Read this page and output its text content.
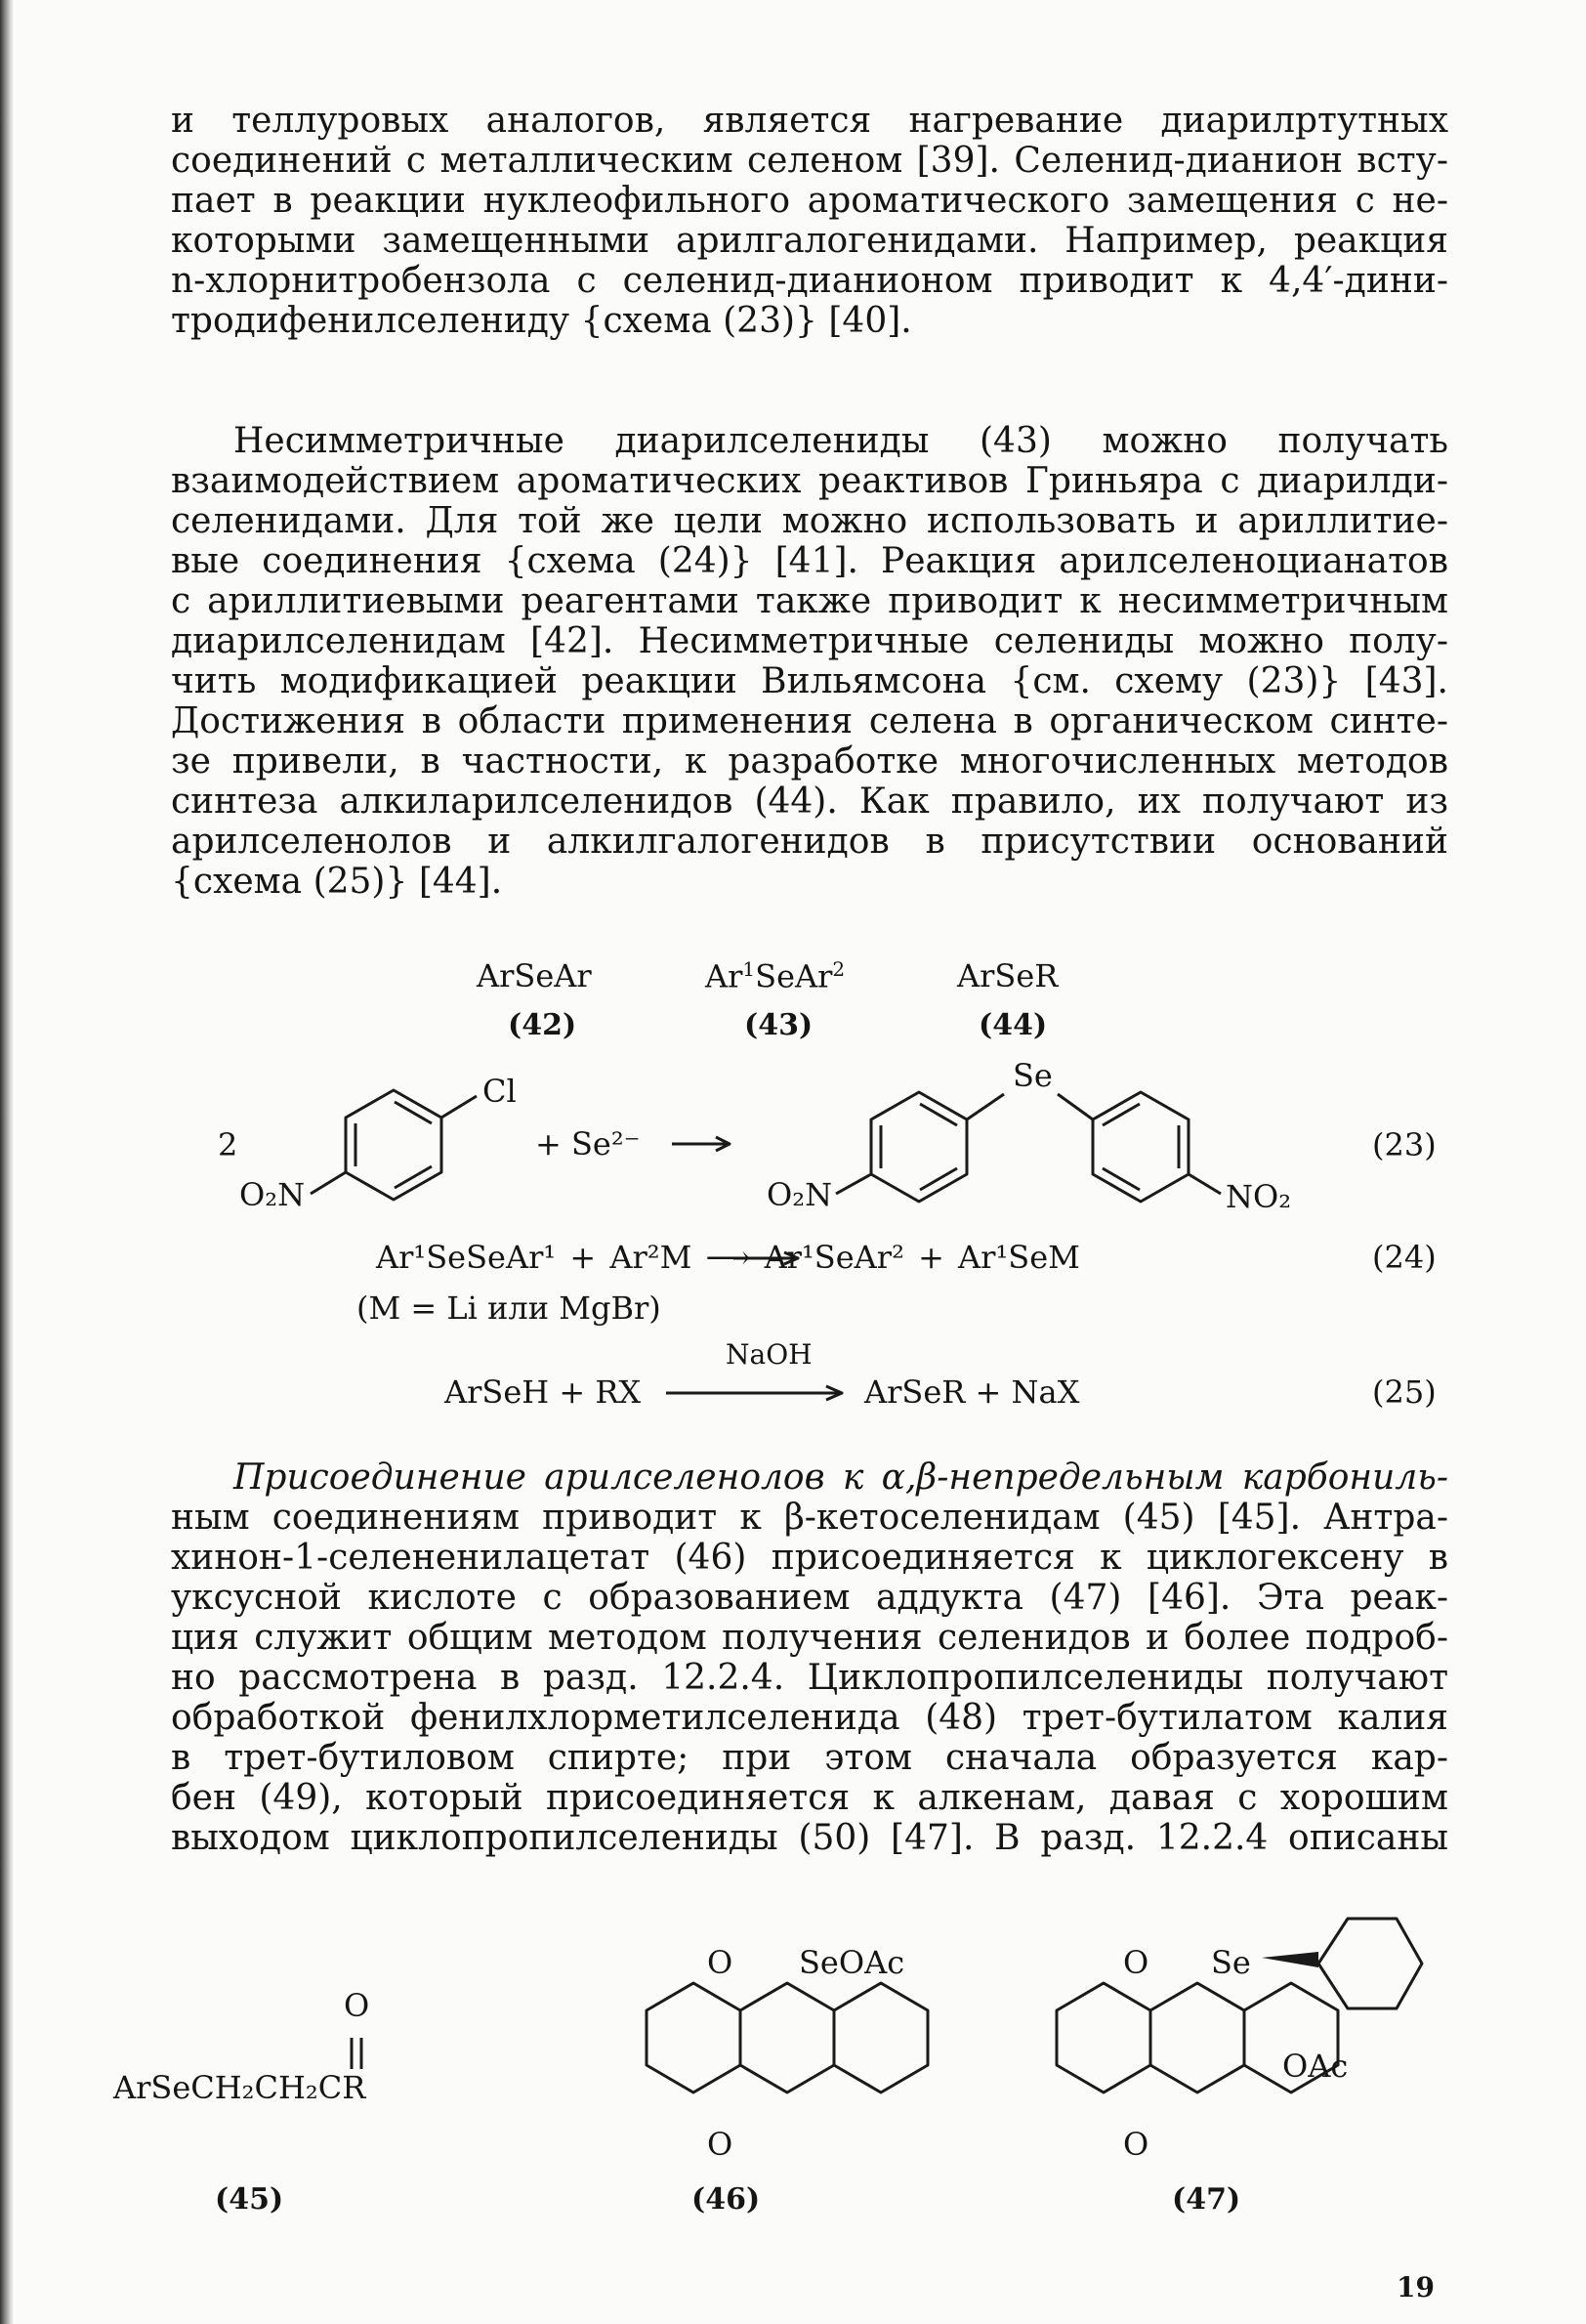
и теллуровых аналогов, является нагревание диарилртутных
соединений с металлическим селеном [39]. Селенид-дианион всту-
пает в реакции нуклеофильного ароматического замещения с не-
которыми замещенными арилгалогенидами. Например, реакция
n-хлорнитробензола с селенид-дианионом приводит к 4,4′-дини-
тродифенилселениду {схема (23)} [40].
Несимметричные диарилселениды (43) можно получать
взаимодействием ароматических реактивов Гриньяра с диарилди-
селенидами. Для той же цели можно использовать и ариллитие-
вые соединения {схема (24)} [41]. Реакция арилселеноцианатов
с ариллитиевыми реагентами также приводит к несимметричным
диарилселенидам [42]. Несимметричные селениды можно полу-
чить модификацией реакции Вильямсона {см. схему (23)} [43].
Достижения в области применения селена в органическом синте-
зе привели, в частности, к разработке многочисленных методов
синтеза алкиларилселенидов (44). Как правило, их получают из
арилселенолов и алкилгалогенидов в присутствии оснований
{схема (25)} [44].
ArSeAr
(42)
Ar$^1$SeAr$^2$
(43)
ArSeR
(44)
2
Cl
O₂N
+ Se²⁻
Se
O₂N	NO₂
(23)
Ar¹SeSeAr¹ + Ar²M ⟶ Ar¹SeAr² + Ar¹SeM
(M = Li или MgBr)
(24)
ArSeH + RX
NaOH
ArSeR + NaX	(25)
Присоединение арилселенолов к α,β-непредельным карбониль-
ным соединениям приводит к β-кетоселенидам (45) [45]. Антра-
хинон-1-селененилацетат (46) присоединяется к циклогексену в
уксусной кислоте с образованием аддукта (47) [46]. Эта реак-
ция служит общим методом получения селенидов и более подроб-
но рассмотрена в разд. 12.2.4. Циклопропилселениды получают
обработкой фенилхлорметилселенида (48) трет-бутилатом калия
в трет-бутиловом спирте; при этом сначала образуется кар-
бен (49), который присоединяется к алкенам, давая с хорошим
выходом циклопропилселениды (50) [47]. В разд. 12.2.4 описаны
O
ArSeCH₂CH₂CR
(45)
O SeOAc
O
(46)
O Se
OAc
O
(47)
19
